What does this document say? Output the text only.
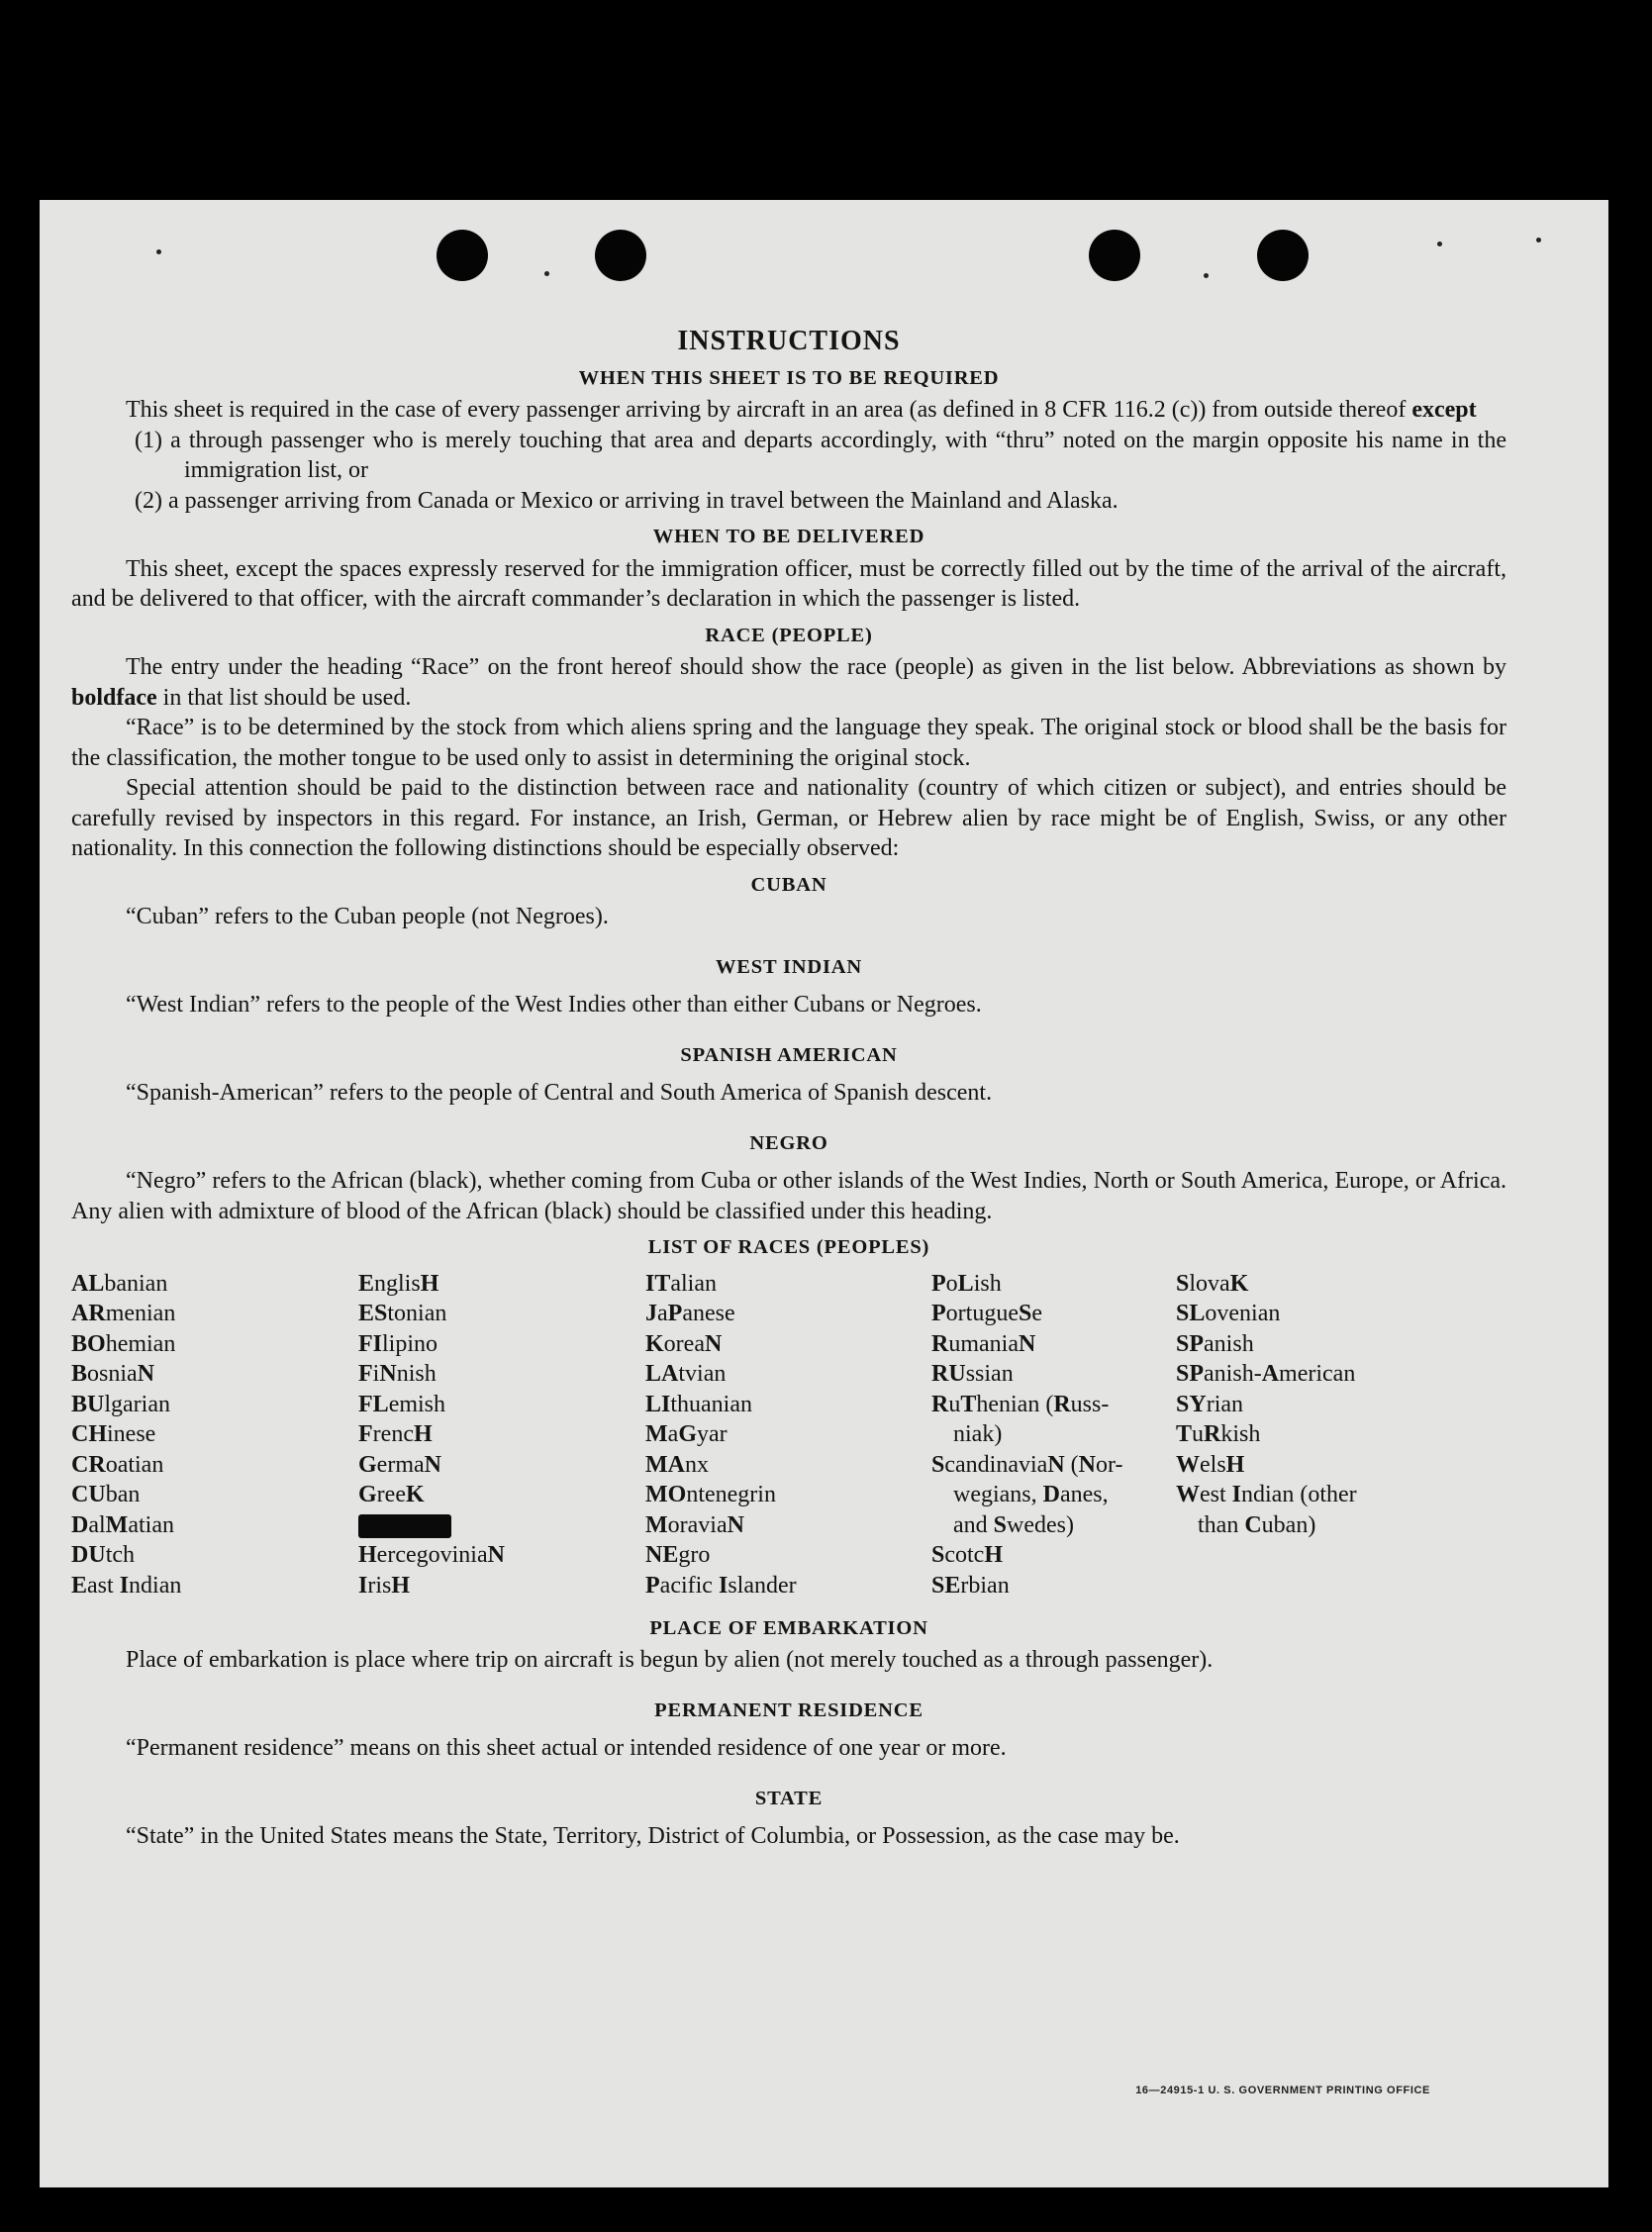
INSTRUCTIONS
WHEN THIS SHEET IS TO BE REQUIRED

This sheet is required in the case of every passenger arriving by aircraft in an area (as defined in 8 CFR 116.2 (c)) from outside thereof except

(1) a through passenger who is merely touching that area and departs accordingly, with “thru” noted on the margin opposite his name in the immigration list, or

(2) a passenger arriving from Canada or Mexico or arriving in travel between the Mainland and Alaska.

WHEN TO BE DELIVERED

This sheet, except the spaces expressly reserved for the immigration officer, must be correctly filled out by the time of the arrival of the aircraft, and be delivered to that officer, with the aircraft commander’s declaration in which the passenger is listed.

RACE (PEOPLE)

The entry under the heading “Race” on the front hereof should show the race (people) as given in the list below. Abbreviations as shown by boldface in that list should be used.

“Race” is to be determined by the stock from which aliens spring and the language they speak. The original stock or blood shall be the basis for the classification, the mother tongue to be used only to assist in determining the original stock.

Special attention should be paid to the distinction between race and nationality (country of which citizen or subject), and entries should be carefully revised by inspectors in this regard. For instance, an Irish, German, or Hebrew alien by race might be of English, Swiss, or any other nationality. In this connection the following distinctions should be especially observed:

CUBAN

“Cuban” refers to the Cuban people (not Negroes).

WEST INDIAN

“West Indian” refers to the people of the West Indies other than either Cubans or Negroes.

SPANISH AMERICAN

“Spanish-American” refers to the people of Central and South America of Spanish descent.

NEGRO

“Negro” refers to the African (black), whether coming from Cuba or other islands of the West Indies, North or South America, Europe, or Africa. Any alien with admixture of blood of the African (black) should be classified under this heading.

LIST OF RACES (PEOPLES)
ALbanian
ARmenian
BOhemian
BosniaN
BUlgarian
CHinese
CRoatian
CUban
DalMatian
DUtch
East Indian
EnglisH
EStonian
FIlipino
FiNnish
FLemish
FrencH
GermaN
GreeK
HercegoviniaN
IrisH
ITalian
JaPanese
KoreaN
LAtvian
LIthuanian
MaGyar
MAnx
MOntenegrin
MoraviaN
NEgro
Pacific Islander
PoLish
PortugueSe
RumaniaN
RUssian
RuThenian (Russ-
niak)
ScandinaviaN (Nor-
wegians, Danes,
and Swedes)
ScotcH
SErbian
SlovaK
SLovenian
SPanish
SPanish-American
SYrian
TuRkish
WelsH
West Indian (other
than Cuban)
PLACE OF EMBARKATION

Place of embarkation is place where trip on aircraft is begun by alien (not merely touched as a through passenger).

PERMANENT RESIDENCE

“Permanent residence” means on this sheet actual or intended residence of one year or more.

STATE

“State” in the United States means the State, Territory, District of Columbia, or Possession, as the case may be.

16—24915-1 U. S. GOVERNMENT PRINTING OFFICE
